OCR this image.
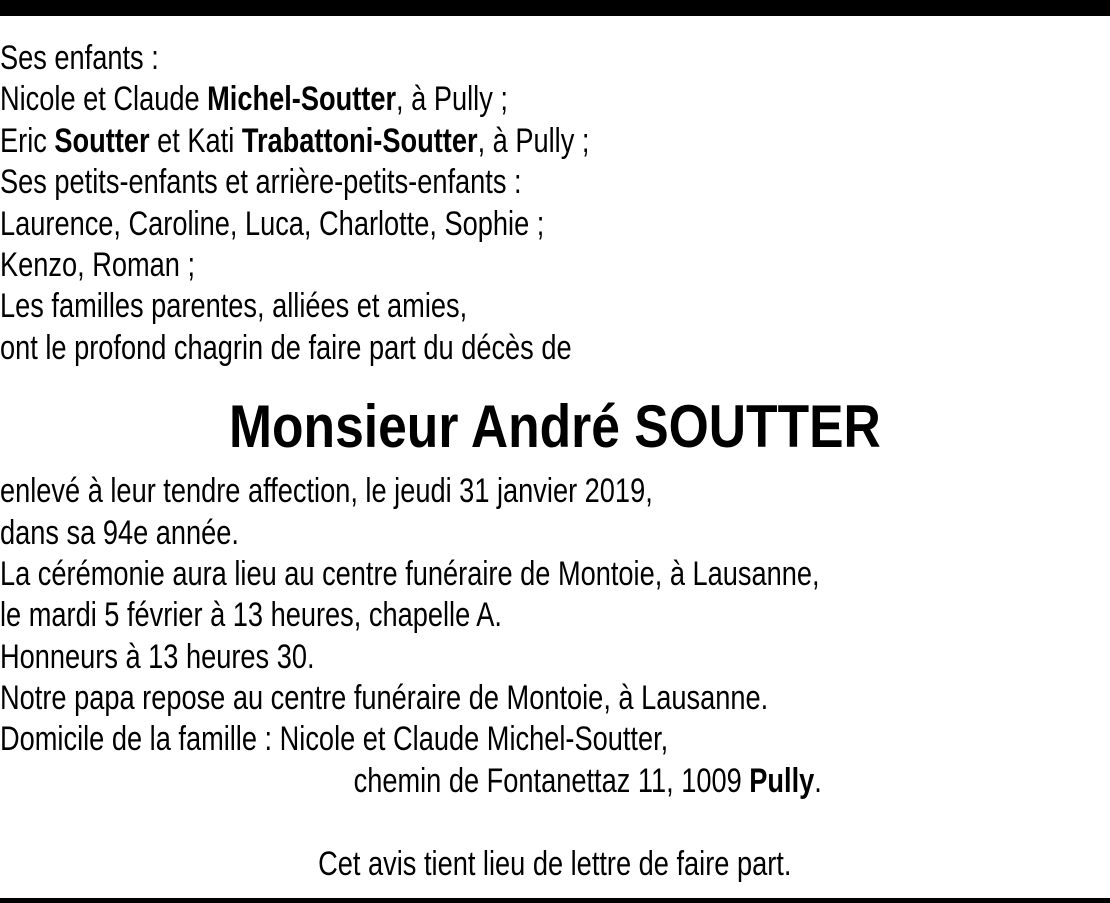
Ses enfants :
Nicole et Claude Michel-Soutter, à Pully ;
Eric Soutter et Kati Trabattoni-Soutter, à Pully ;
Ses petits-enfants et arrière-petits-enfants :
Laurence, Caroline, Luca, Charlotte, Sophie ;
Kenzo, Roman ;
Les familles parentes, alliées et amies,
ont le profond chagrin de faire part du décès de
Monsieur André SOUTTER
enlevé à leur tendre affection, le jeudi 31 janvier 2019,
dans sa 94e année.
La cérémonie aura lieu au centre funéraire de Montoie, à Lausanne,
le mardi 5 février à 13 heures, chapelle A.
Honneurs à 13 heures 30.
Notre papa repose au centre funéraire de Montoie, à Lausanne.
Domicile de la famille : Nicole et Claude Michel-Soutter,
chemin de Fontanettaz 11, 1009 Pully.
Cet avis tient lieu de lettre de faire part.
